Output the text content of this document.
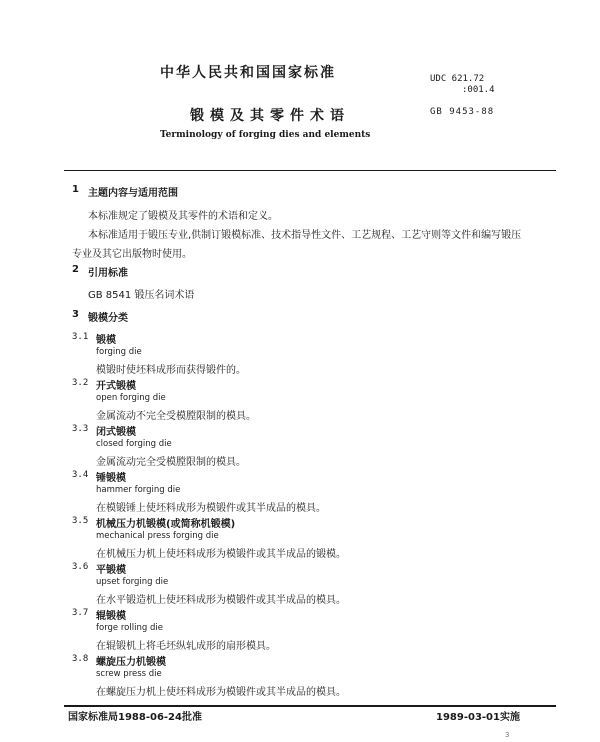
中华人民共和国国家标准	UDC 621.72
:001.4
锻模及其零件术语	GB 9453-88
Terminology of forging dies and elements
1 主题内容与适用范围
本标准规定了锻模及其零件的术语和定义。
本标准适用于锻压专业,供制订锻模标准、技术指导性文件、工艺规程、工艺守则等文件和编写锻压
专业及其它出版物时使用。
2 引用标准
GB 8541 锻压名词术语
3 锻模分类
3.1 锻模
forging die
模锻时使坯料成形而获得锻件的。
3.2 开式锻模
open forging die
金属流动不完全受模膛限制的模具。
3.3 闭式锻模
closed forging die
金属流动完全受模膛限制的模具。
3.4 锤锻模
hammer forging die
在模锻锤上使坯料成形为模锻件或其半成品的模具。
3.5 机械压力机锻模(或简称机锻模)
mechanical press forging die
在机械压力机上使坯料成形为模锻件或其半成品的锻模。
3.6 平锻模
upset forging die
在水平锻造机上使坯料成形为模锻件或其半成品的模具。
3.7 辊锻模
forge rolling die
在辊锻机上将毛坯纵轧成形的扇形模具。
3.8 螺旋压力机锻模
screw press die
在螺旋压力机上使坯料成形为模锻件或其半成品的模具。
国家标准局1988-06-24批准	1989-03-01实施
3
